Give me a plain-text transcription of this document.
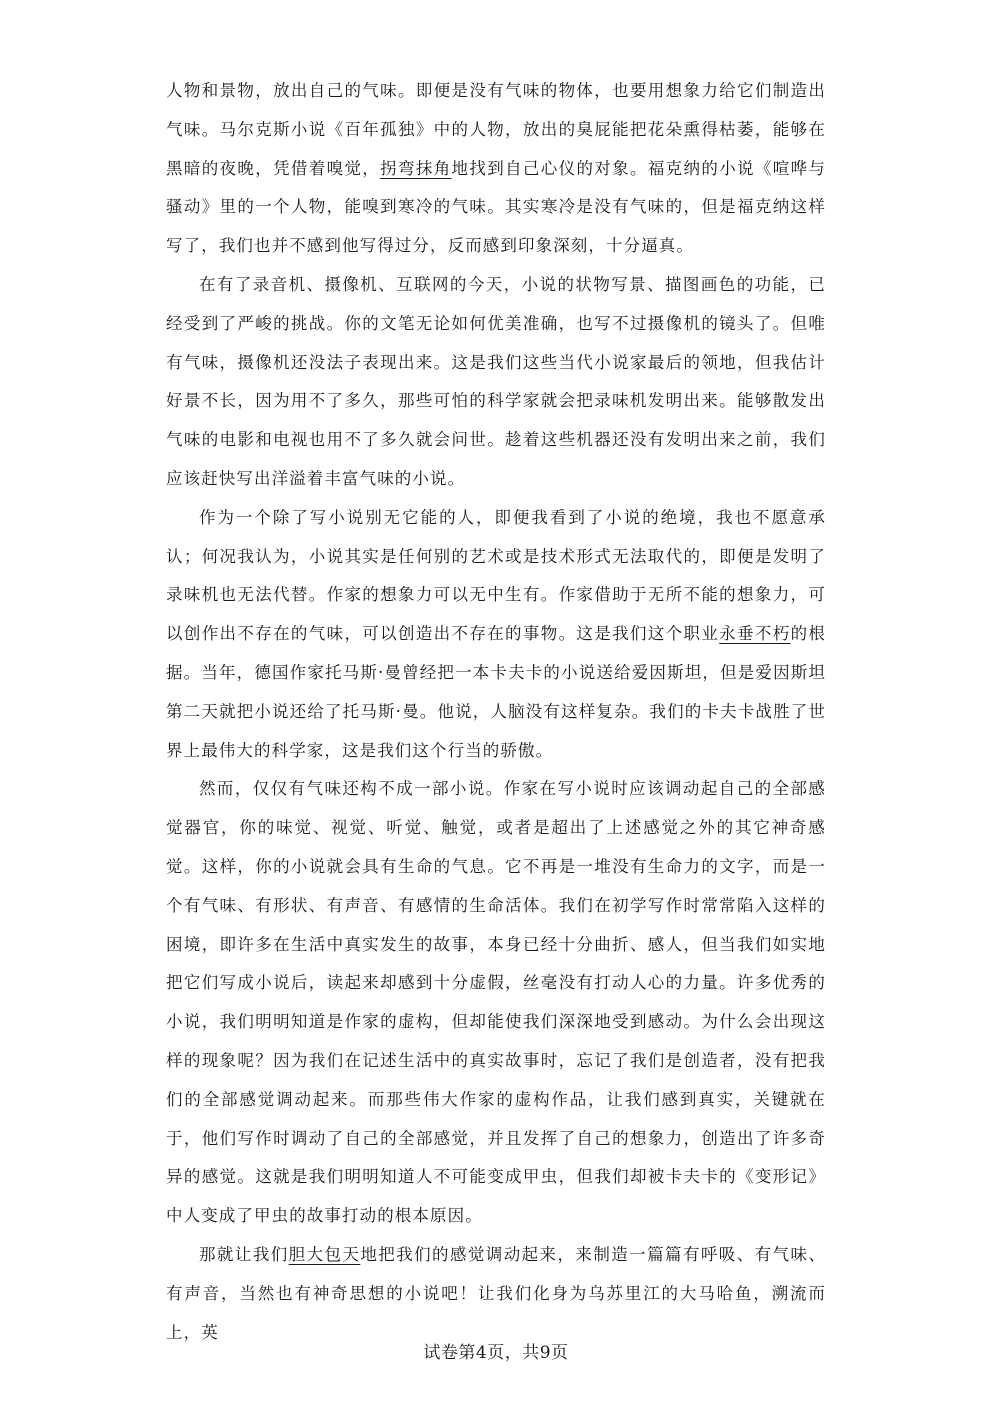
人物和景物，放出自己的气味。即便是没有气味的物体，也要用想象力给它们制造出气味。马尔克斯小说《百年孤独》中的人物，放出的臭屁能把花朵熏得枯萎，能够在黑暗的夜晚，凭借着嗅觉，拐弯抹角地找到自己心仪的对象。福克纳的小说《喧哗与骚动》里的一个人物，能嗅到寒冷的气味。其实寒冷是没有气味的，但是福克纳这样写了，我们也并不感到他写得过分，反而感到印象深刻，十分逼真。

在有了录音机、摄像机、互联网的今天，小说的状物写景、描图画色的功能，已经受到了严峻的挑战。你的文笔无论如何优美准确，也写不过摄像机的镜头了。但唯有气味，摄像机还没法子表现出来。这是我们这些当代小说家最后的领地，但我估计好景不长，因为用不了多久，那些可怕的科学家就会把录味机发明出来。能够散发出气味的电影和电视也用不了多久就会问世。趁着这些机器还没有发明出来之前，我们应该赶快写出洋溢着丰富气味的小说。

作为一个除了写小说别无它能的人，即便我看到了小说的绝境，我也不愿意承认；何况我认为，小说其实是任何别的艺术或是技术形式无法取代的，即便是发明了录味机也无法代替。作家的想象力可以无中生有。作家借助于无所不能的想象力，可以创作出不存在的气味，可以创造出不存在的事物。这是我们这个职业永垂不朽的根据。当年，德国作家托马斯·曼曾经把一本卡夫卡的小说送给爱因斯坦，但是爱因斯坦第二天就把小说还给了托马斯·曼。他说，人脑没有这样复杂。我们的卡夫卡战胜了世界上最伟大的科学家，这是我们这个行当的骄傲。

然而，仅仅有气味还构不成一部小说。作家在写小说时应该调动起自己的全部感觉器官，你的味觉、视觉、听觉、触觉，或者是超出了上述感觉之外的其它神奇感觉。这样，你的小说就会具有生命的气息。它不再是一堆没有生命力的文字，而是一个有气味、有形状、有声音、有感情的生命活体。我们在初学写作时常常陷入这样的困境，即许多在生活中真实发生的故事，本身已经十分曲折、感人，但当我们如实地把它们写成小说后，读起来却感到十分虚假，丝毫没有打动人心的力量。许多优秀的小说，我们明明知道是作家的虚构，但却能使我们深深地受到感动。为什么会出现这样的现象呢？因为我们在记述生活中的真实故事时，忘记了我们是创造者，没有把我们的全部感觉调动起来。而那些伟大作家的虚构作品，让我们感到真实，关键就在于，他们写作时调动了自己的全部感觉，并且发挥了自己的想象力，创造出了许多奇异的感觉。这就是我们明明知道人不可能变成甲虫，但我们却被卡夫卡的《变形记》中人变成了甲虫的故事打动的根本原因。

那就让我们胆大包天地把我们的感觉调动起来，来制造一篇篇有呼吸、有气味、有声音，当然也有神奇思想的小说吧！让我们化身为乌苏里江的大马哈鱼，溯流而上，英

试卷第4页，共9页
